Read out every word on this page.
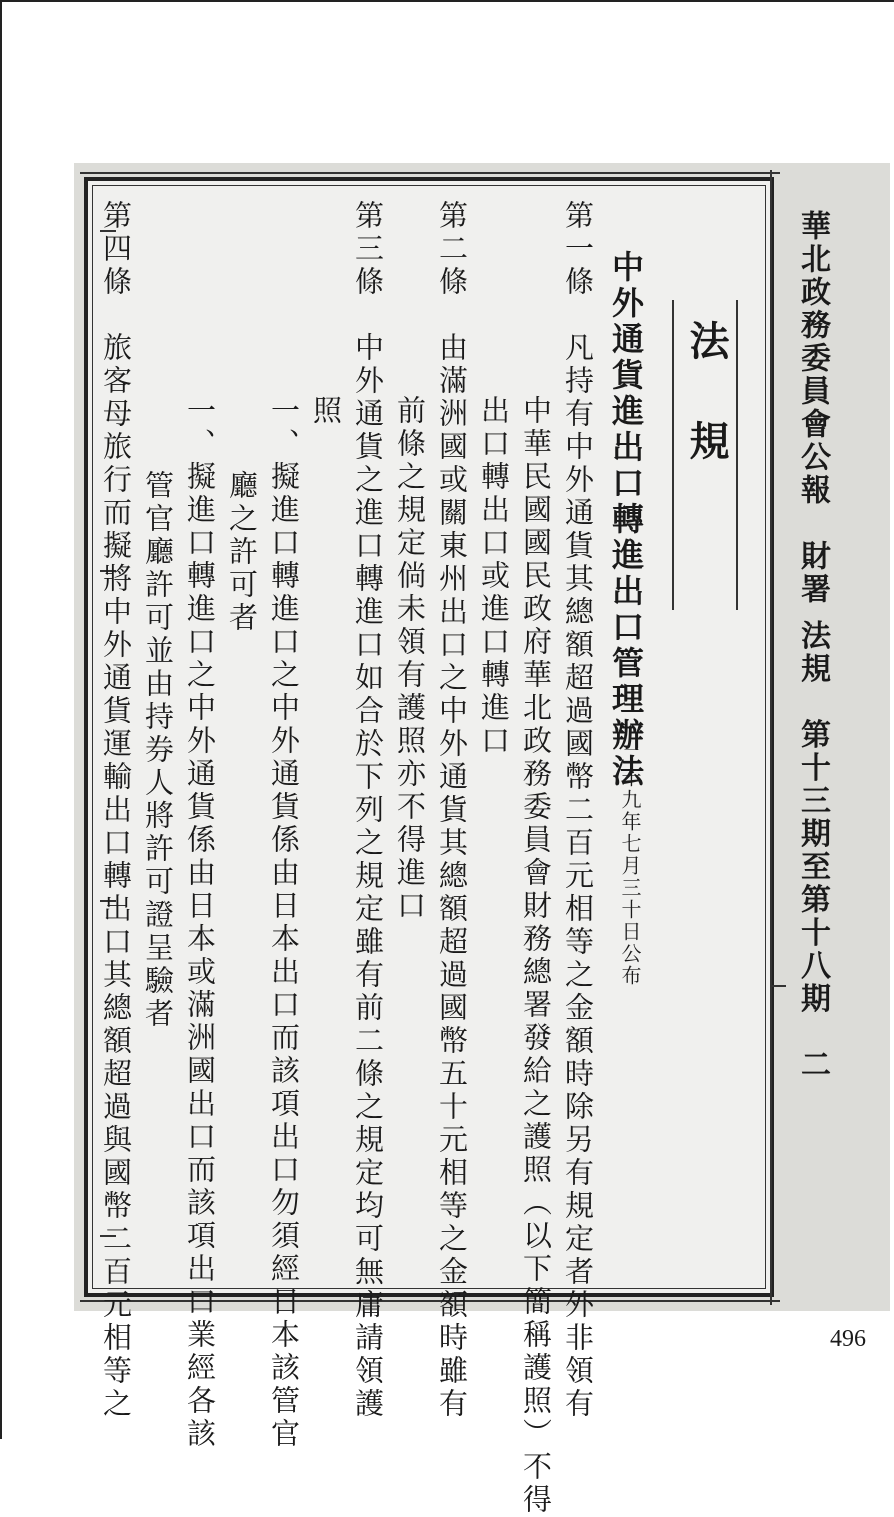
華北政務委員會公報　財署 法規　第十三期至第十八期　二
法規
中外通貨進出口轉進出口管理辦法
二十九年七月三十日公布
第一條　凡持有中外通貨其總額超過國幣二百元相等之金額時除另有規定者外非領有
中華民國國民政府華北政務委員會財務總署發給之護照（以下簡稱護照）不得
出口轉出口或進口轉進口
第二條　由滿洲國或關東州出口之中外通貨其總額超過國幣五十元相等之金額時雖有
前條之規定倘未領有護照亦不得進口
第三條　中外通貨之進口轉進口如合於下列之規定雖有前二條之規定均可無庸請領護
照
一、擬進口轉進口之中外通貨係由日本出口而該項出口勿須經日本該管官
廳之許可者
一、擬進口轉進口之中外通貨係由日本或滿洲國出口而該項出口業經各該
管官廳許可並由持券人將許可證呈驗者
第四條　旅客母旅行而擬將中外通貨運輸出口轉出口其總額超過與國幣二百元相等之	496
